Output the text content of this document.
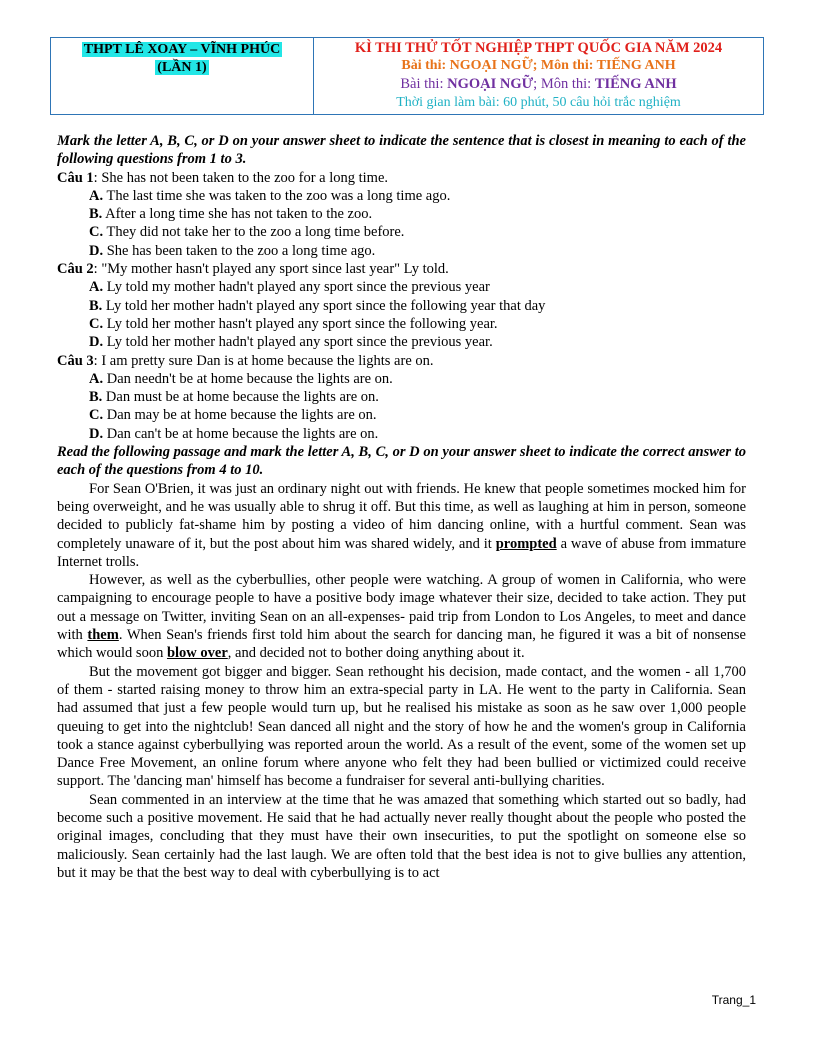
THPT LÊ XOAY – VĨNH PHÚC
(LẦN 1)
KÌ THI THỬ TỐT NGHIỆP THPT QUỐC GIA NĂM 2024
Bài thi: NGOẠI NGỮ; Môn thi: TIẾNG ANH
Bài thi: NGOẠI NGỮ; Môn thi: TIẾNG ANH
Thời gian làm bài: 60 phút, 50 câu hỏi trắc nghiệm

Mark the letter A, B, C, or D on your answer sheet to indicate the sentence that is closest in meaning to each of the following questions from 1 to 3.

Câu 1: She has not been taken to the zoo for a long time.

A. The last time she was taken to the zoo was a long time ago.

B. After a long time she has not taken to the zoo.

C. They did not take her to the zoo a long time before.

D. She has been taken to the zoo a long time ago.

Câu 2: "My mother hasn't played any sport since last year" Ly told.

A. Ly told my mother hadn't played any sport since the previous year

B. Ly told her mother hadn't played any sport since the following year that day

C. Ly told her mother hasn't played any sport since the following year.

D. Ly told her mother hadn't played any sport since the previous year.

Câu 3: I am pretty sure Dan is at home because the lights are on.

A. Dan needn't be at home because the lights are on.

B. Dan must be at home because the lights are on.

C. Dan may be at home because the lights are on.

D. Dan can't be at home because the lights are on.

Read the following passage and mark the letter A, B, C, or D on your answer sheet to indicate the correct answer to each of the questions from 4 to 10.

For Sean O'Brien, it was just an ordinary night out with friends. He knew that people sometimes mocked him for being overweight, and he was usually able to shrug it off. But this time, as well as laughing at him in person, someone decided to publicly fat-shame him by posting a video of him dancing online, with a hurtful comment. Sean was completely unaware of it, but the post about him was shared widely, and it prompted a wave of abuse from immature Internet trolls.

However, as well as the cyberbullies, other people were watching. A group of women in California, who were campaigning to encourage people to have a positive body image whatever their size, decided to take action. They put out a message on Twitter, inviting Sean on an all-expenses- paid trip from London to Los Angeles, to meet and dance with them. When Sean's friends first told him about the search for dancing man, he figured it was a bit of nonsense which would soon blow over, and decided not to bother doing anything about it.

But the movement got bigger and bigger. Sean rethought his decision, made contact, and the women - all 1,700 of them - started raising money to throw him an extra-special party in LA. He went to the party in California. Sean had assumed that just a few people would turn up, but he realised his mistake as soon as he saw over 1,000 people queuing to get into the nightclub! Sean danced all night and the story of how he and the women's group in California took a stance against cyberbullying was reported aroun the world. As a result of the event, some of the women set up Dance Free Movement, an online forum where anyone who felt they had been bullied or victimized could receive support. The 'dancing man' himself has become a fundraiser for several anti-bullying charities.

Sean commented in an interview at the time that he was amazed that something which started out so badly, had become such a positive movement. He said that he had actually never really thought about the people who posted the original images, concluding that they must have their own insecurities, to put the spotlight on someone else so maliciously. Sean certainly had the last laugh. We are often told that the best idea is not to give bullies any attention, but it may be that the best way to deal with cyberbullying is to act

Trang_1
